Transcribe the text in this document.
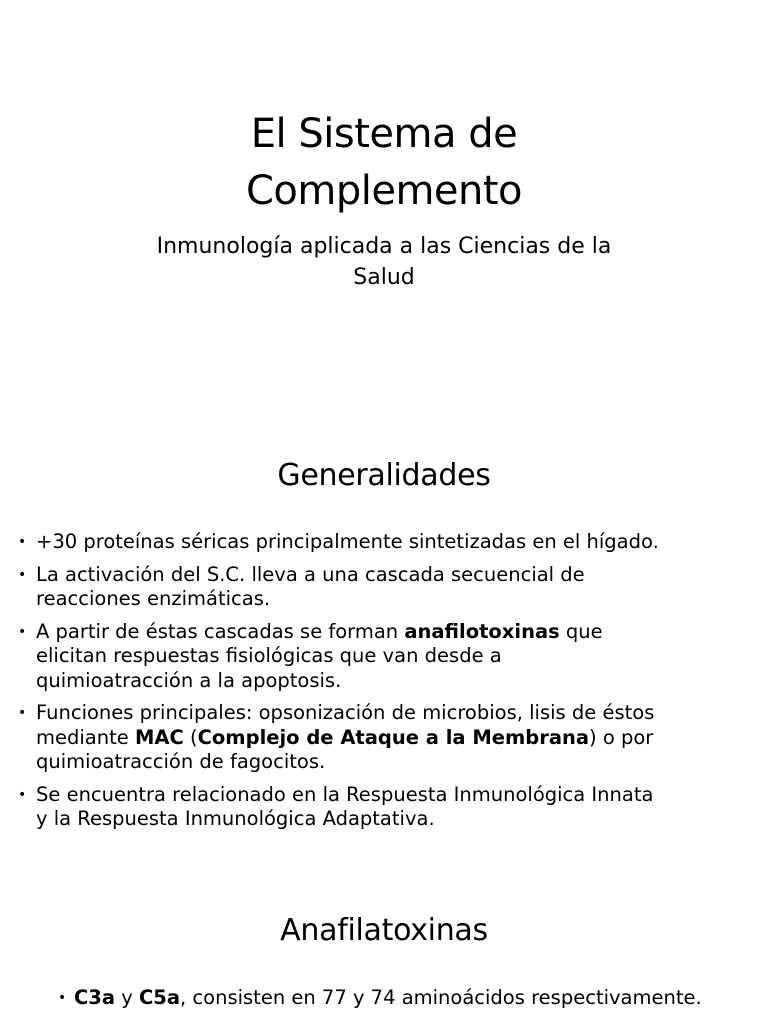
El Sistema de
Complemento

Inmunología aplicada a las Ciencias de la

Salud

Generalidades
• +30 proteínas séricas principalmente sintetizadas en el hígado.
• La activación del S.C. lleva a una cascada secuencial de
reacciones enzimáticas.
• A partir de éstas cascadas se forman anafilotoxinas que
elicitan respuestas fisiológicas que van desde a
quimioatracción a la apoptosis.
• Funciones principales: opsonización de microbios, lisis de éstos
mediante MAC (Complejo de Ataque a la Membrana) o por
quimioatracción de fagocitos.
• Se encuentra relacionado en la Respuesta Inmunológica Innata
y la Respuesta Inmunológica Adaptativa.
Anafilatoxinas
• C3a y C5a, consisten en 77 y 74 aminoácidos respectivamente.
